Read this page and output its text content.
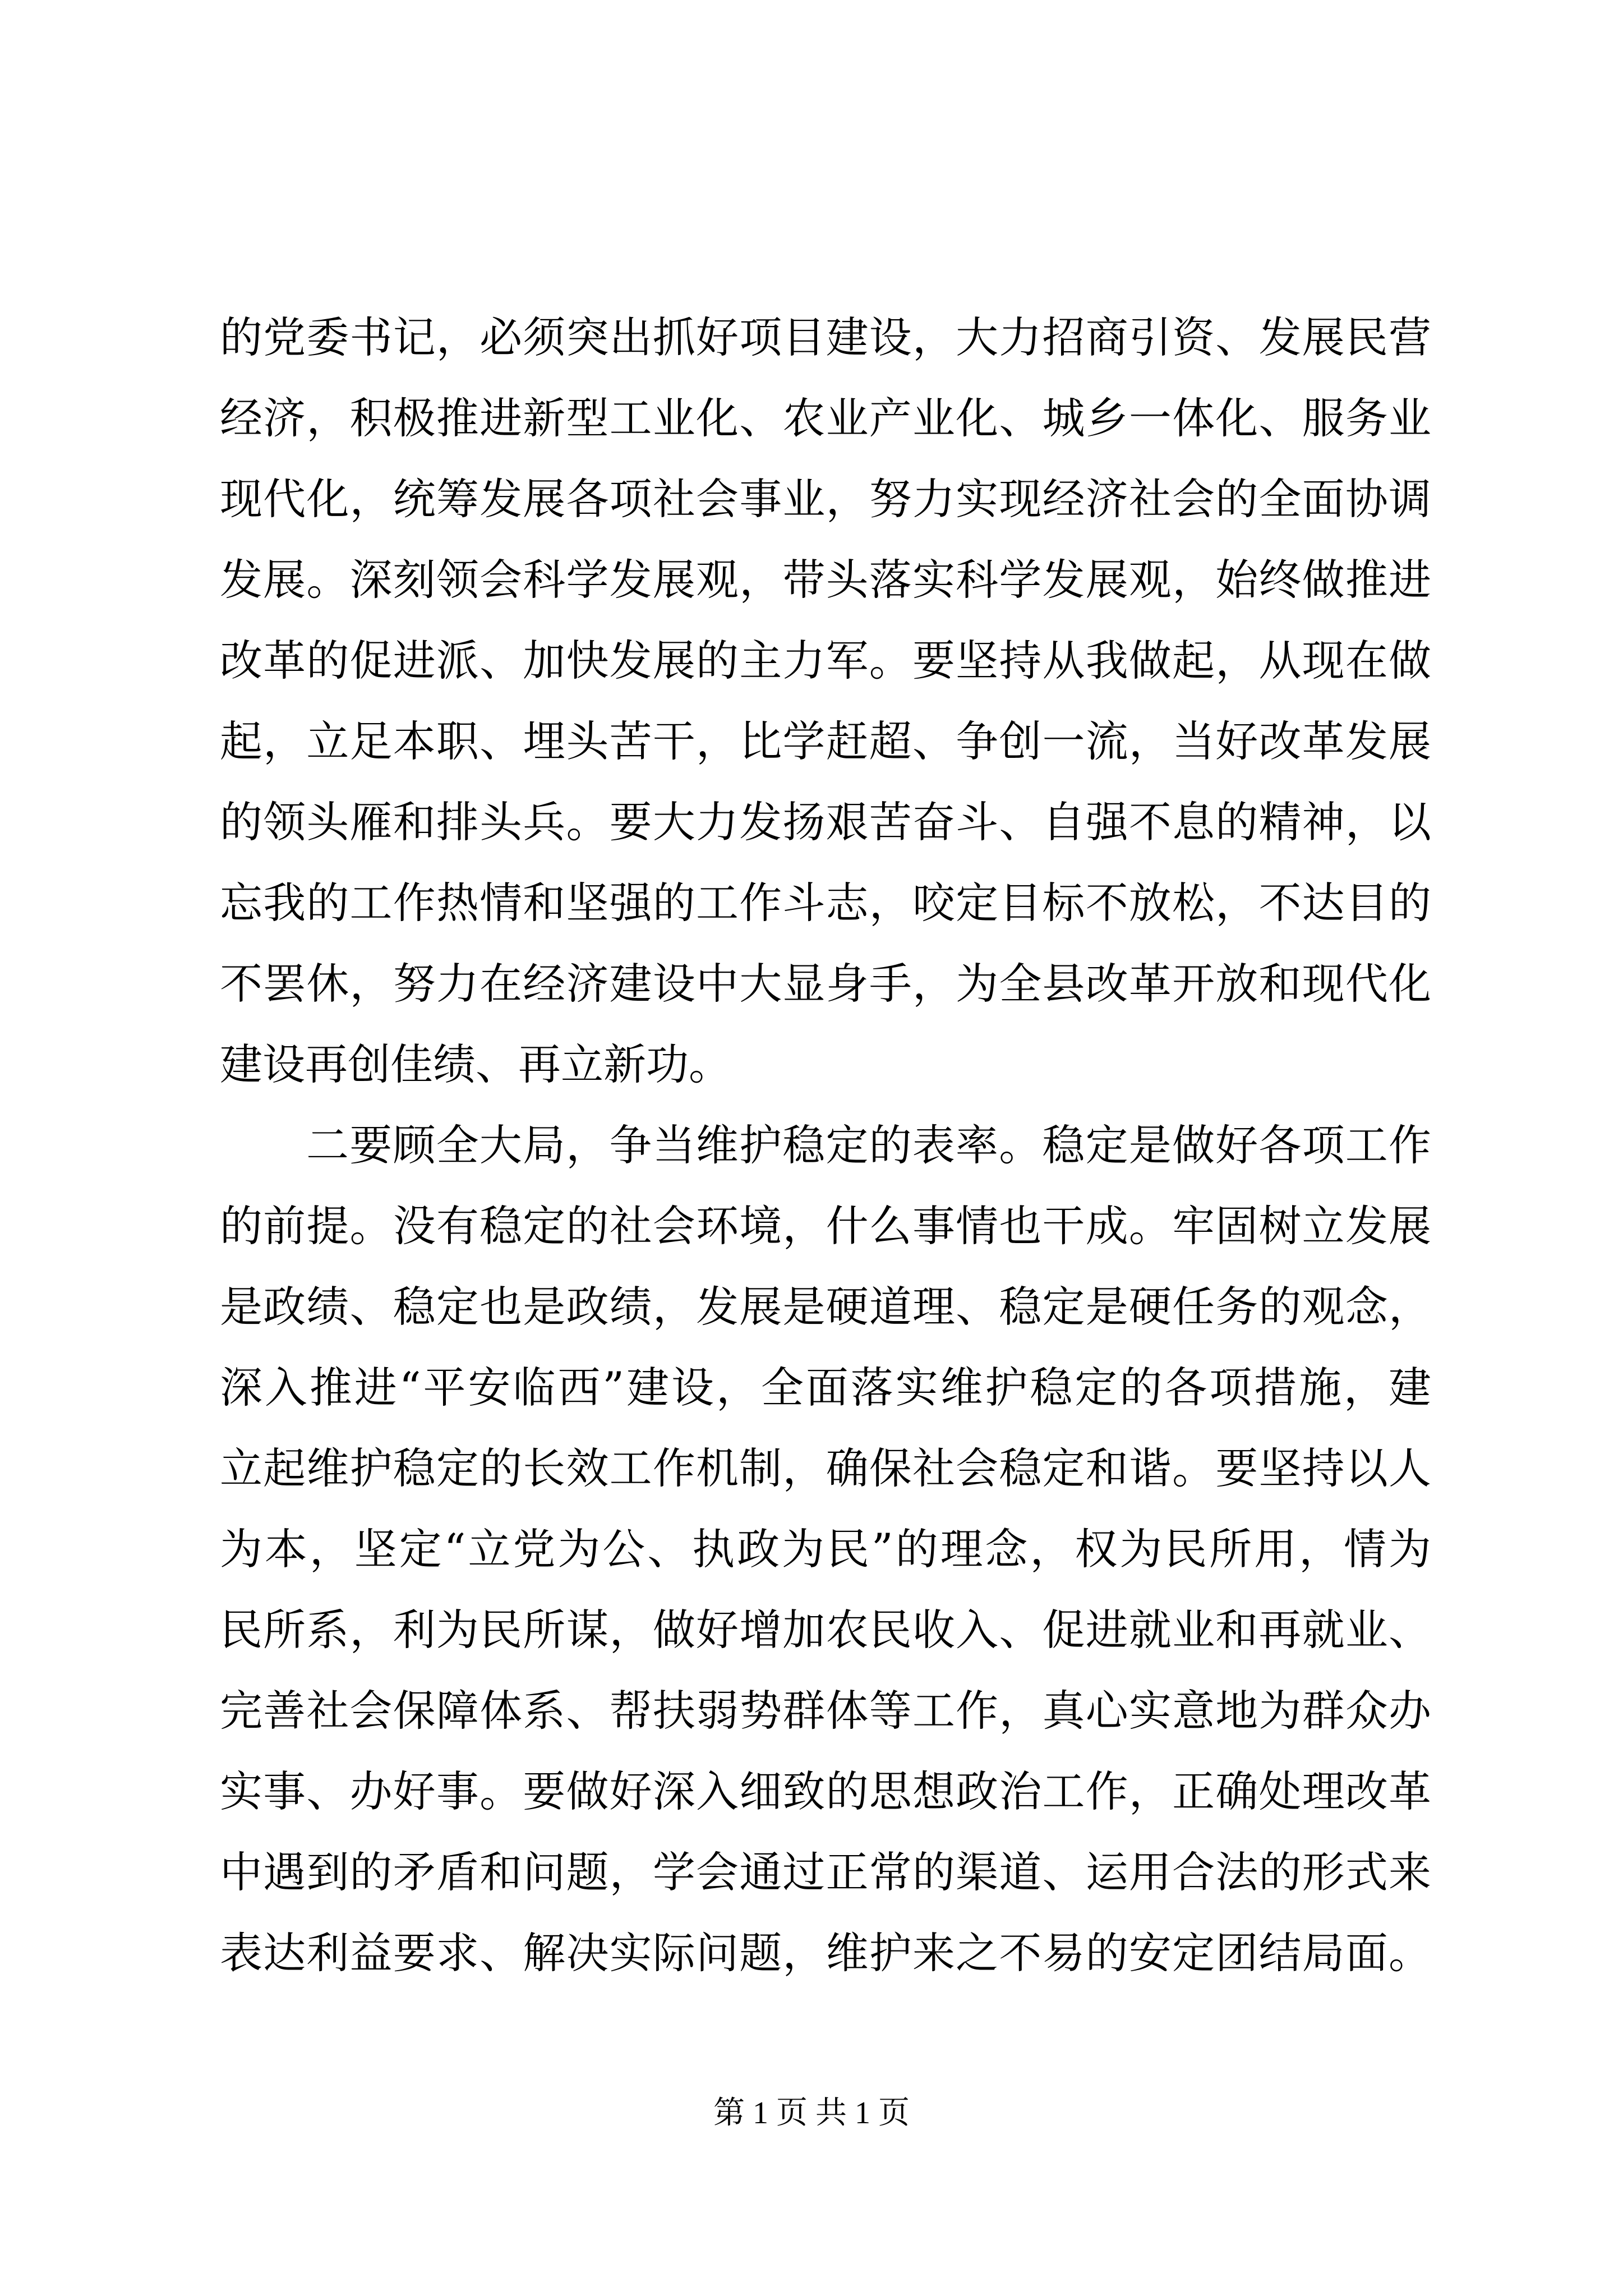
的党委书记，必须突出抓好项目建设，大力招商引资、发展民营
经济，积极推进新型工业化、农业产业化、城乡一体化、服务业
现代化，统筹发展各项社会事业，努力实现经济社会的全面协调
发展。深刻领会科学发展观，带头落实科学发展观，始终做推进
改革的促进派、加快发展的主力军。要坚持从我做起，从现在做
起，立足本职、埋头苦干，比学赶超、争创一流，当好改革发展
的领头雁和排头兵。要大力发扬艰苦奋斗、自强不息的精神，以
忘我的工作热情和坚强的工作斗志，咬定目标不放松，不达目的
不罢休，努力在经济建设中大显身手，为全县改革开放和现代化
建设再创佳绩、再立新功。
二要顾全大局，争当维护稳定的表率。稳定是做好各项工作
的前提。没有稳定的社会环境，什么事情也干成。牢固树立发展
是政绩、稳定也是政绩，发展是硬道理、稳定是硬任务的观念，
深入推进“平安临西”建设，全面落实维护稳定的各项措施，建
立起维护稳定的长效工作机制，确保社会稳定和谐。要坚持以人
为本，坚定“立党为公、执政为民”的理念，权为民所用，情为
民所系，利为民所谋，做好增加农民收入、促进就业和再就业、
完善社会保障体系、帮扶弱势群体等工作，真心实意地为群众办
实事、办好事。要做好深入细致的思想政治工作，正确处理改革
中遇到的矛盾和问题，学会通过正常的渠道、运用合法的形式来
表达利益要求、解决实际问题，维护来之不易的安定团结局面。
第 1 页 共 1 页
